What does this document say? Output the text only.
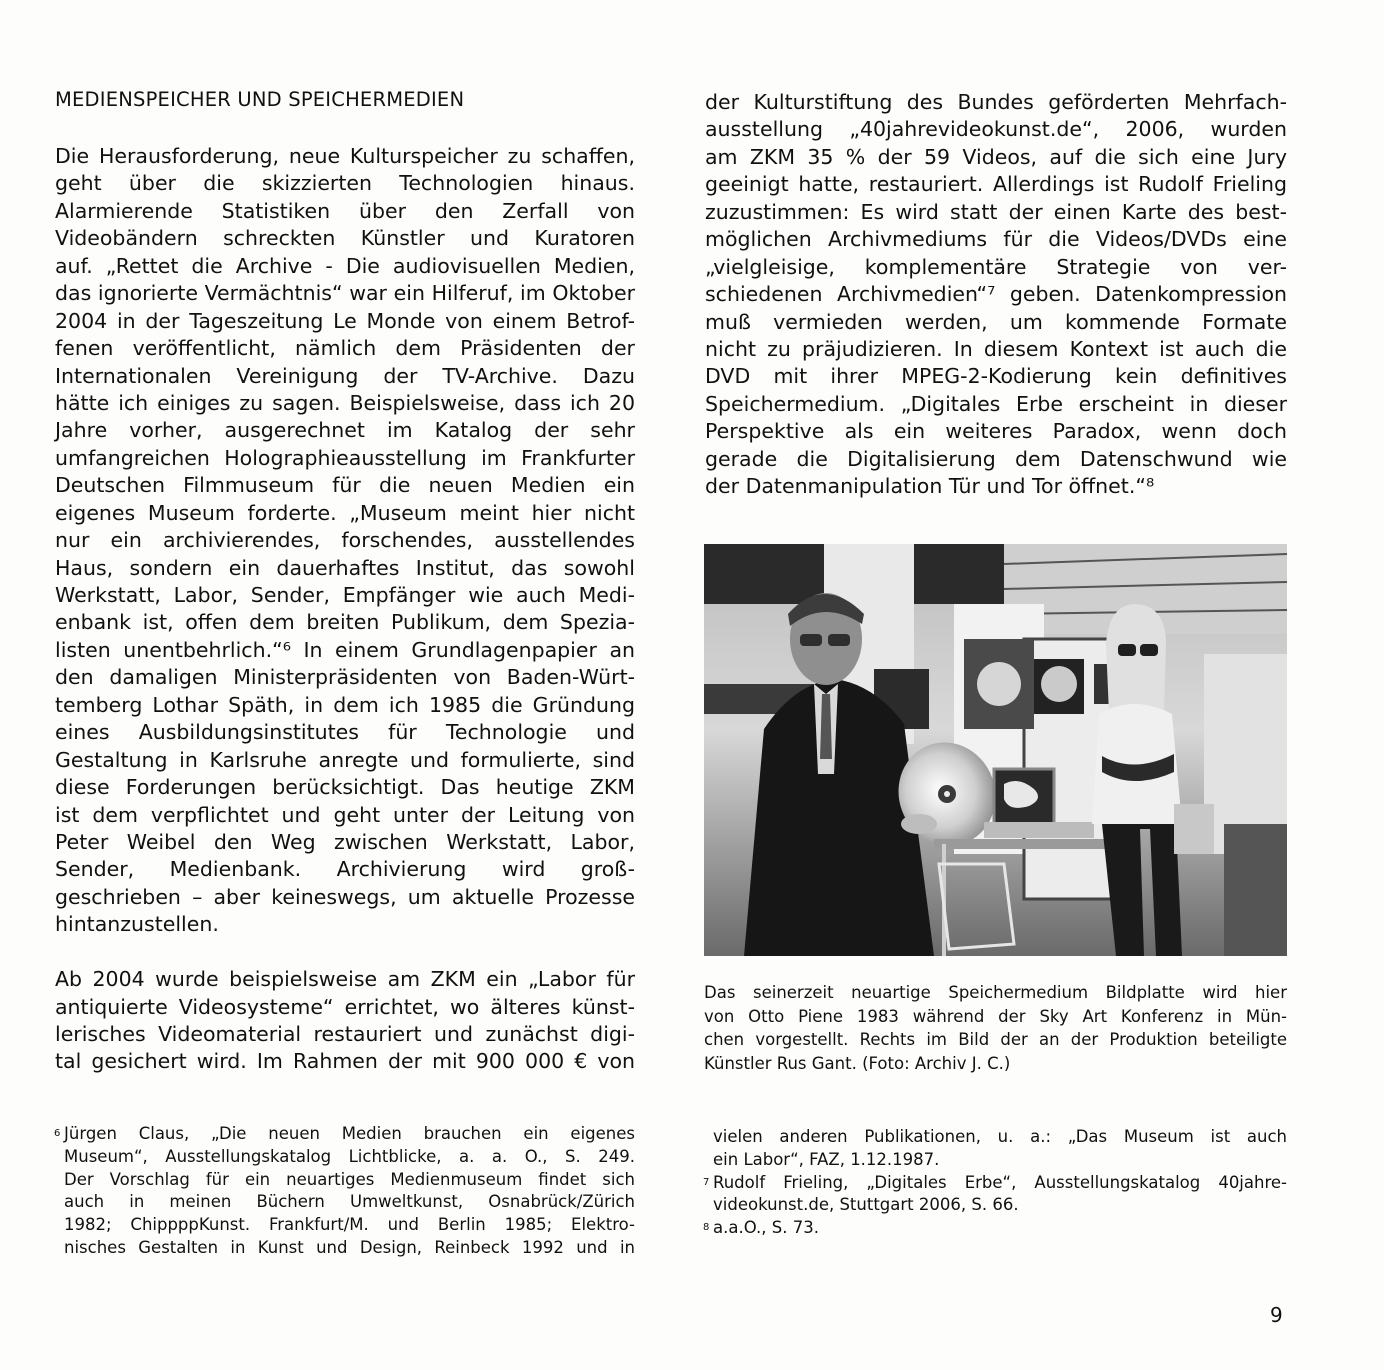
MEDIENSPEICHER UND SPEICHERMEDIEN
Die Herausforderung, neue Kulturspeicher zu schaffen,
geht über die skizzierten Technologien hinaus.
Alarmierende Statistiken über den Zerfall von
Videobändern schreckten Künstler und Kuratoren
auf. „Rettet die Archive - Die audiovisuellen Medien,
das ignorierte Vermächtnis“ war ein Hilferuf, im Oktober
2004 in der Tageszeitung Le Monde von einem Betrof-
fenen veröffentlicht, nämlich dem Präsidenten der
Internationalen Vereinigung der TV-Archive. Dazu
hätte ich einiges zu sagen. Beispielsweise, dass ich 20
Jahre vorher, ausgerechnet im Katalog der sehr
umfangreichen Holographieausstellung im Frankfurter
Deutschen Filmmuseum für die neuen Medien ein
eigenes Museum forderte. „Museum meint hier nicht
nur ein archivierendes, forschendes, ausstellendes
Haus, sondern ein dauerhaftes Institut, das sowohl
Werkstatt, Labor, Sender, Empfänger wie auch Medi-
enbank ist, offen dem breiten Publikum, dem Spezia-
listen unentbehrlich.“⁶ In einem Grundlagenpapier an
den damaligen Ministerpräsidenten von Baden-Würt-
temberg Lothar Späth, in dem ich 1985 die Gründung
eines Ausbildungsinstitutes für Technologie und
Gestaltung in Karlsruhe anregte und formulierte, sind
diese Forderungen berücksichtigt. Das heutige ZKM
ist dem verpflichtet und geht unter der Leitung von
Peter Weibel den Weg zwischen Werkstatt, Labor,
Sender, Medienbank. Archivierung wird groß-
geschrieben – aber keineswegs, um aktuelle Prozesse
hintanzustellen.
Ab 2004 wurde beispielsweise am ZKM ein „Labor für
antiquierte Videosysteme“ errichtet, wo älteres künst-
lerisches Videomaterial restauriert und zunächst digi-
tal gesichert wird. Im Rahmen der mit 900 000 € von
der Kulturstiftung des Bundes geförderten Mehrfach-
ausstellung „40jahrevideokunst.de“, 2006, wurden
am ZKM 35 % der 59 Videos, auf die sich eine Jury
geeinigt hatte, restauriert. Allerdings ist Rudolf Frieling
zuzustimmen: Es wird statt der einen Karte des best-
möglichen Archivmediums für die Videos/DVDs eine
„vielgleisige, komplementäre Strategie von ver-
schiedenen Archivmedien“⁷ geben. Datenkompression
muß vermieden werden, um kommende Formate
nicht zu präjudizieren. In diesem Kontext ist auch die
DVD mit ihrer MPEG-2-Kodierung kein definitives
Speichermedium. „Digitales Erbe erscheint in dieser
Perspektive als ein weiteres Paradox, wenn doch
gerade die Digitalisierung dem Datenschwund wie
der Datenmanipulation Tür und Tor öffnet.“⁸
Das seinerzeit neuartige Speichermedium Bildplatte wird hier
von Otto Piene 1983 während der Sky Art Konferenz in Mün-
chen vorgestellt. Rechts im Bild der an der Produktion beteiligte
Künstler Rus Gant. (Foto: Archiv J. C.)
6 Jürgen Claus, „Die neuen Medien brauchen ein eigenes
Museum“, Ausstellungskatalog Lichtblicke, a. a. O., S. 249.
Der Vorschlag für ein neuartiges Medienmuseum findet sich
auch in meinen Büchern Umweltkunst, Osnabrück/Zürich
1982; ChippppKunst. Frankfurt/M. und Berlin 1985; Elektro-
nisches Gestalten in Kunst und Design, Reinbeck 1992 und in
vielen anderen Publikationen, u. a.: „Das Museum ist auch
ein Labor“, FAZ, 1.12.1987.
7 Rudolf Frieling, „Digitales Erbe“, Ausstellungskatalog 40jahre-
videokunst.de, Stuttgart 2006, S. 66.
8 a.a.O., S. 73.
9
